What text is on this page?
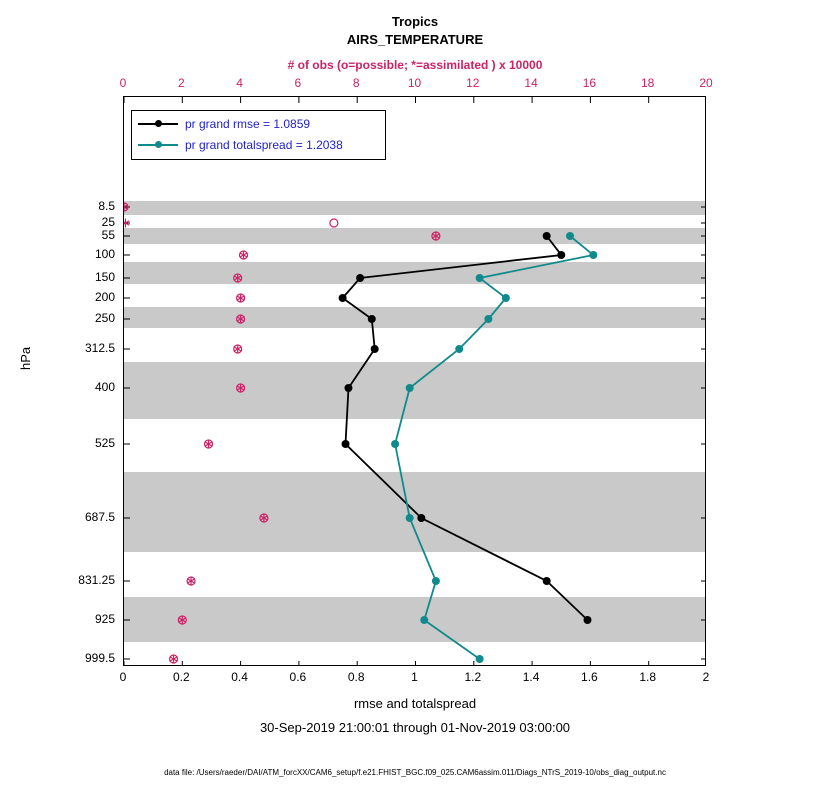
Tropics
AIRS_TEMPERATURE
# of obs (o=possible; *=assimilated ) x 10000
hPa
rmse and totalspread
30-Sep-2019 21:00:01 through 01-Nov-2019 03:00:00
data file: /Users/raeder/DAI/ATM_forcXX/CAM6_setup/f.e21.FHIST_BGC.f09_025.CAM6assim.011/Diags_NTrS_2019-10/obs_diag_output.nc
pr grand rmse = 1.0859
pr grand totalspread = 1.2038
0	2	4	6	8	10	12	14	16	18	20
0	0.2	0.4	0.6	0.8	1	1.2	1.4	1.6	1.8	2
8.5
25
55
100
150
200
250
312.5
400
525
687.5
831.25
925
999.5
